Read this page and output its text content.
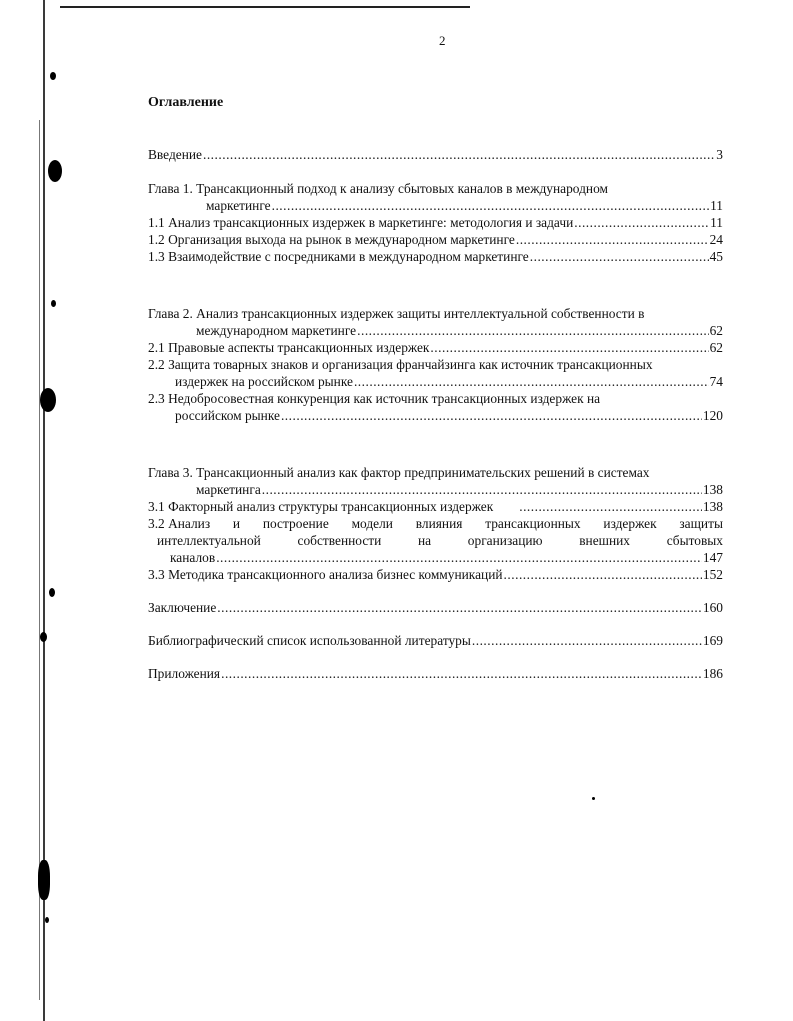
2
Оглавление
Введение .....	3
Глава 1. Трансакционный подход к анализу сбытовых каналов в международном
маркетинге .....	11
1.1 Анализ трансакционных издержек в маркетинге: методология и задачи .....	11
1.2 Организация выхода на рынок в международном маркетинге .....	24
1.3 Взаимодействие с посредниками в международном маркетинге .....	45
Глава 2. Анализ трансакционных издержек защиты интеллектуальной собственности в
международном маркетинге .....	62
2.1 Правовые аспекты трансакционных издержек .....	62
2.2 Защита товарных знаков и организация франчайзинга как источник трансакционных
издержек на российском рынке .....	74
2.3 Недобросовестная конкуренция как источник трансакционных издержек на
российском рынке .....	120
Глава 3. Трансакционный анализ как фактор предпринимательских решений в системах
маркетинга .....	138
3.1 Факторный анализ структуры трансакционных издержек .....	138
3.2 Анализ и построение модели влияния трансакционных издержек защиты
интеллектуальной	собственности	на	организацию	внешних	сбытовых
каналов .....	147
3.3 Методика трансакционного анализа бизнес коммуникаций .....	152
Заключение .....	160
Библиографический список использованной литературы .....	169
Приложения .....	186
